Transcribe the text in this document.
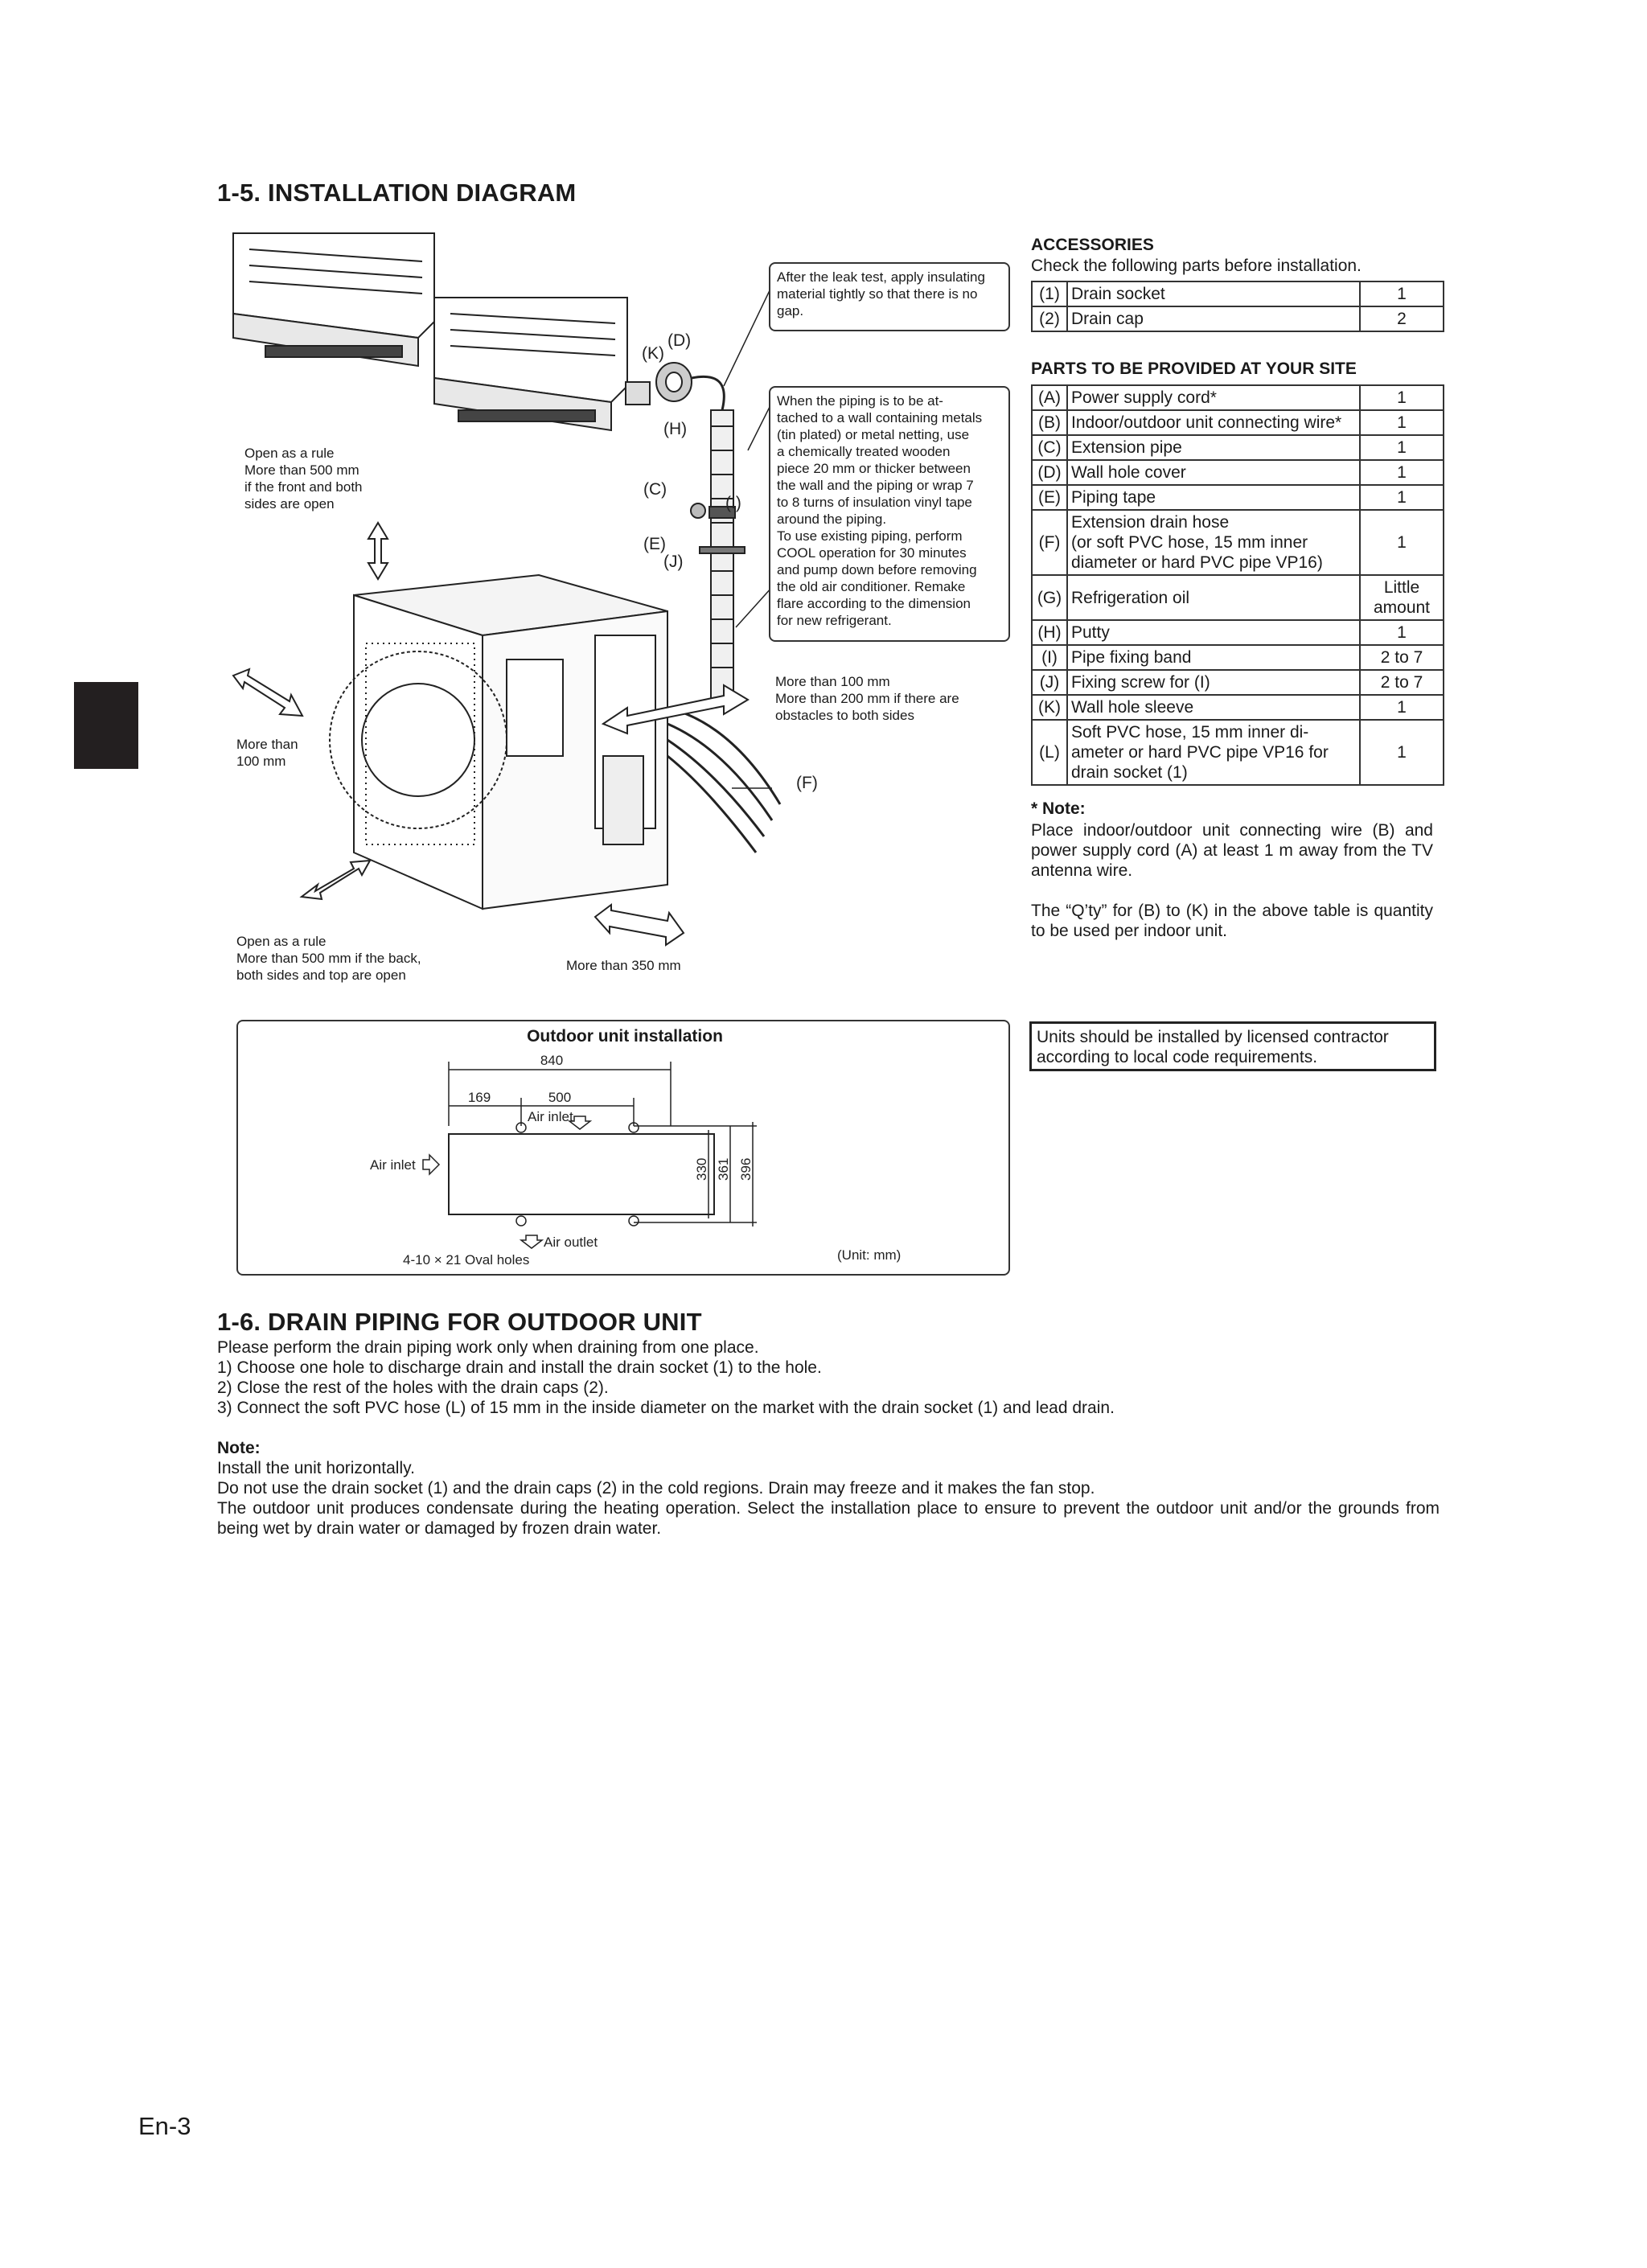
1-5. INSTALLATION DIAGRAM
(K)
(D)
(H)
(C)
(I)
(E)
(J)
(F)
After the leak test, apply insulating material tightly so that there is no gap.
When the piping is to be at-
tached to a wall containing metals
(tin plated) or metal netting, use
a chemically treated wooden
piece 20 mm or thicker between
the wall and the piping or wrap 7
to 8 turns of insulation vinyl tape
around the piping.
To use existing piping, perform
COOL operation for 30 minutes
and pump down before removing
the old air conditioner. Remake
flare according to the dimension
for new refrigerant.
Open as a rule
More than 500 mm
if the front and both
sides are open
More than
100 mm
More than 100 mm
More than 200 mm if there are
obstacles to both sides
Open as a rule
More than 500 mm if the back,
both sides and top are open
More than 350 mm
ACCESSORIES
Check the following parts before installation.
(1)	Drain socket	1
(2)	Drain cap	2
PARTS TO BE PROVIDED AT YOUR SITE
(A)	Power supply cord*	1
(B)	Indoor/outdoor unit connecting wire*	1
(C)	Extension pipe	1
(D)	Wall hole cover	1
(E)	Piping tape	1
(F)	Extension drain hose
(or soft PVC hose, 15 mm inner
diameter or hard PVC pipe VP16)	1
(G)	Refrigeration oil	Little
amount
(H)	Putty	1
(I)	Pipe fixing band	2 to 7
(J)	Fixing screw for (I)	2 to 7
(K)	Wall hole sleeve	1
(L)	Soft PVC hose, 15 mm inner di-
ameter or hard PVC pipe VP16 for
drain socket (1)	1
* Note:
Place indoor/outdoor unit connecting wire (B) and power supply cord (A) at least 1 m away from the TV antenna wire.
The “Q’ty” for (B) to (K) in the above table is quantity to be used per indoor unit.
Units should be installed by licensed contractor according to local code requirements.
Outdoor unit installation
840
169	500
Air inlet
Air inlet
Air outlet
4-10 × 21 Oval holes	(Unit: mm)
330 361 396
1-6. DRAIN PIPING FOR OUTDOOR UNIT
Please perform the drain piping work only when draining from one place.
1) Choose one hole to discharge drain and install the drain socket (1) to the hole.
2) Close the rest of the holes with the drain caps (2).
3) Connect the soft PVC hose (L) of 15 mm in the inside diameter on the market with the drain socket (1) and lead drain.
Note:
Install the unit horizontally.
Do not use the drain socket (1) and the drain caps (2) in the cold regions. Drain may freeze and it makes the fan stop.
The outdoor unit produces condensate during the heating operation. Select the installation place to ensure to prevent the outdoor unit and/or the grounds from being wet by drain water or damaged by frozen drain water.
En-3
